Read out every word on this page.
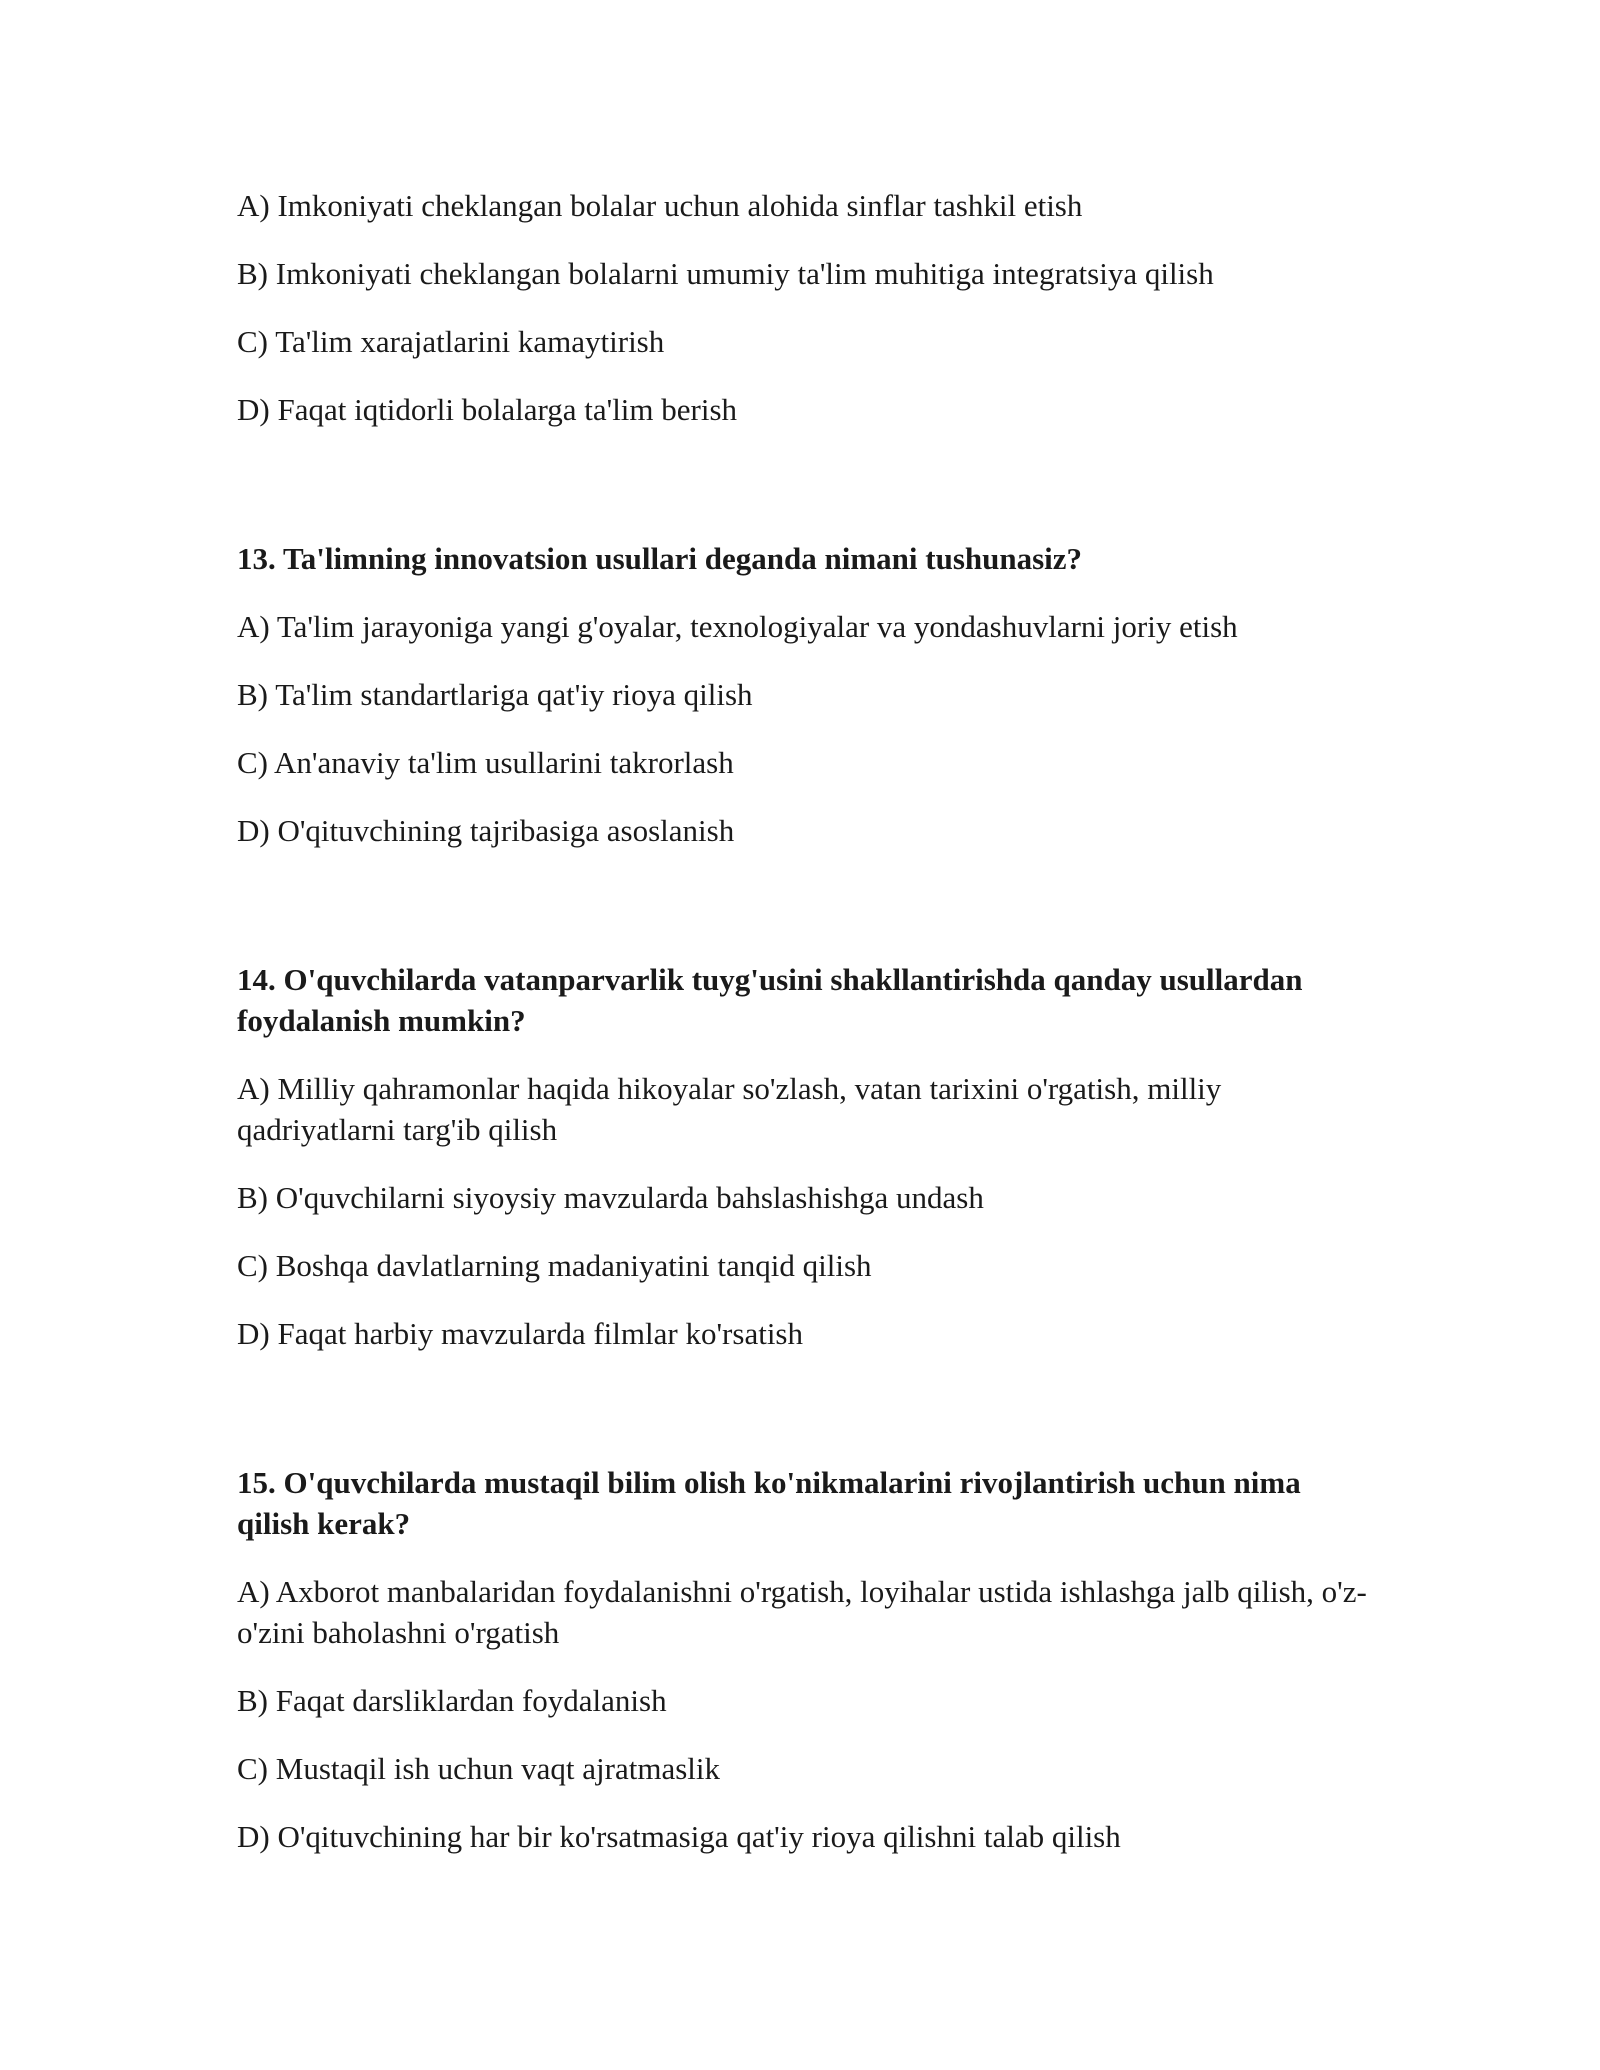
A) Imkoniyati cheklangan bolalar uchun alohida sinflar tashkil etish

B) Imkoniyati cheklangan bolalarni umumiy ta'lim muhitiga integratsiya qilish

C) Ta'lim xarajatlarini kamaytirish

D) Faqat iqtidorli bolalarga ta'lim berish

13. Ta'limning innovatsion usullari deganda nimani tushunasiz?

A) Ta'lim jarayoniga yangi g'oyalar, texnologiyalar va yondashuvlarni joriy etish

B) Ta'lim standartlariga qat'iy rioya qilish

C) An'anaviy ta'lim usullarini takrorlash

D) O'qituvchining tajribasiga asoslanish

14. O'quvchilarda vatanparvarlik tuyg'usini shakllantirishda qanday usullardan foydalanish mumkin?

A) Milliy qahramonlar haqida hikoyalar so'zlash, vatan tarixini o'rgatish, milliy qadriyatlarni targ'ib qilish

B) O'quvchilarni siyoysiy mavzularda bahslashishga undash

C) Boshqa davlatlarning madaniyatini tanqid qilish

D) Faqat harbiy mavzularda filmlar ko'rsatish

15. O'quvchilarda mustaqil bilim olish ko'nikmalarini rivojlantirish uchun nima qilish kerak?

A) Axborot manbalaridan foydalanishni o'rgatish, loyihalar ustida ishlashga jalb qilish, o'z-o'zini baholashni o'rgatish

B) Faqat darsliklardan foydalanish

C) Mustaqil ish uchun vaqt ajratmaslik

D) O'qituvchining har bir ko'rsatmasiga qat'iy rioya qilishni talab qilish
